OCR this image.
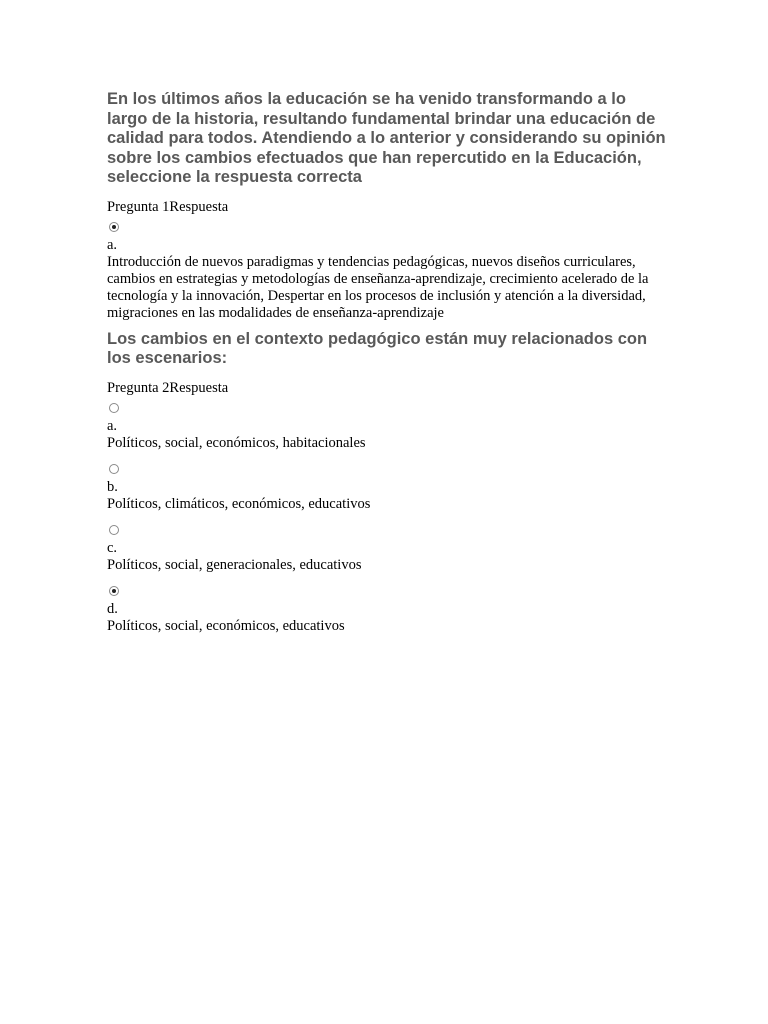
En los últimos años la educación se ha venido transformando a lo largo de la historia, resultando fundamental brindar una educación de calidad para todos. Atendiendo a lo anterior y considerando su opinión sobre los cambios efectuados que han repercutido en la Educación, seleccione la respuesta correcta
Pregunta 1Respuesta
a.
Introducción de nuevos paradigmas y tendencias pedagógicas, nuevos diseños curriculares, cambios en estrategias y metodologías de enseñanza-aprendizaje, crecimiento acelerado de la tecnología y la innovación, Despertar en los procesos de inclusión y atención a la diversidad, migraciones en las modalidades de enseñanza-aprendizaje
Los cambios en el contexto pedagógico están muy relacionados con los escenarios:
Pregunta 2Respuesta
a.
Políticos, social, económicos, habitacionales
b.
Políticos, climáticos, económicos, educativos
c.
Políticos, social, generacionales, educativos
d.
Políticos, social, económicos, educativos
